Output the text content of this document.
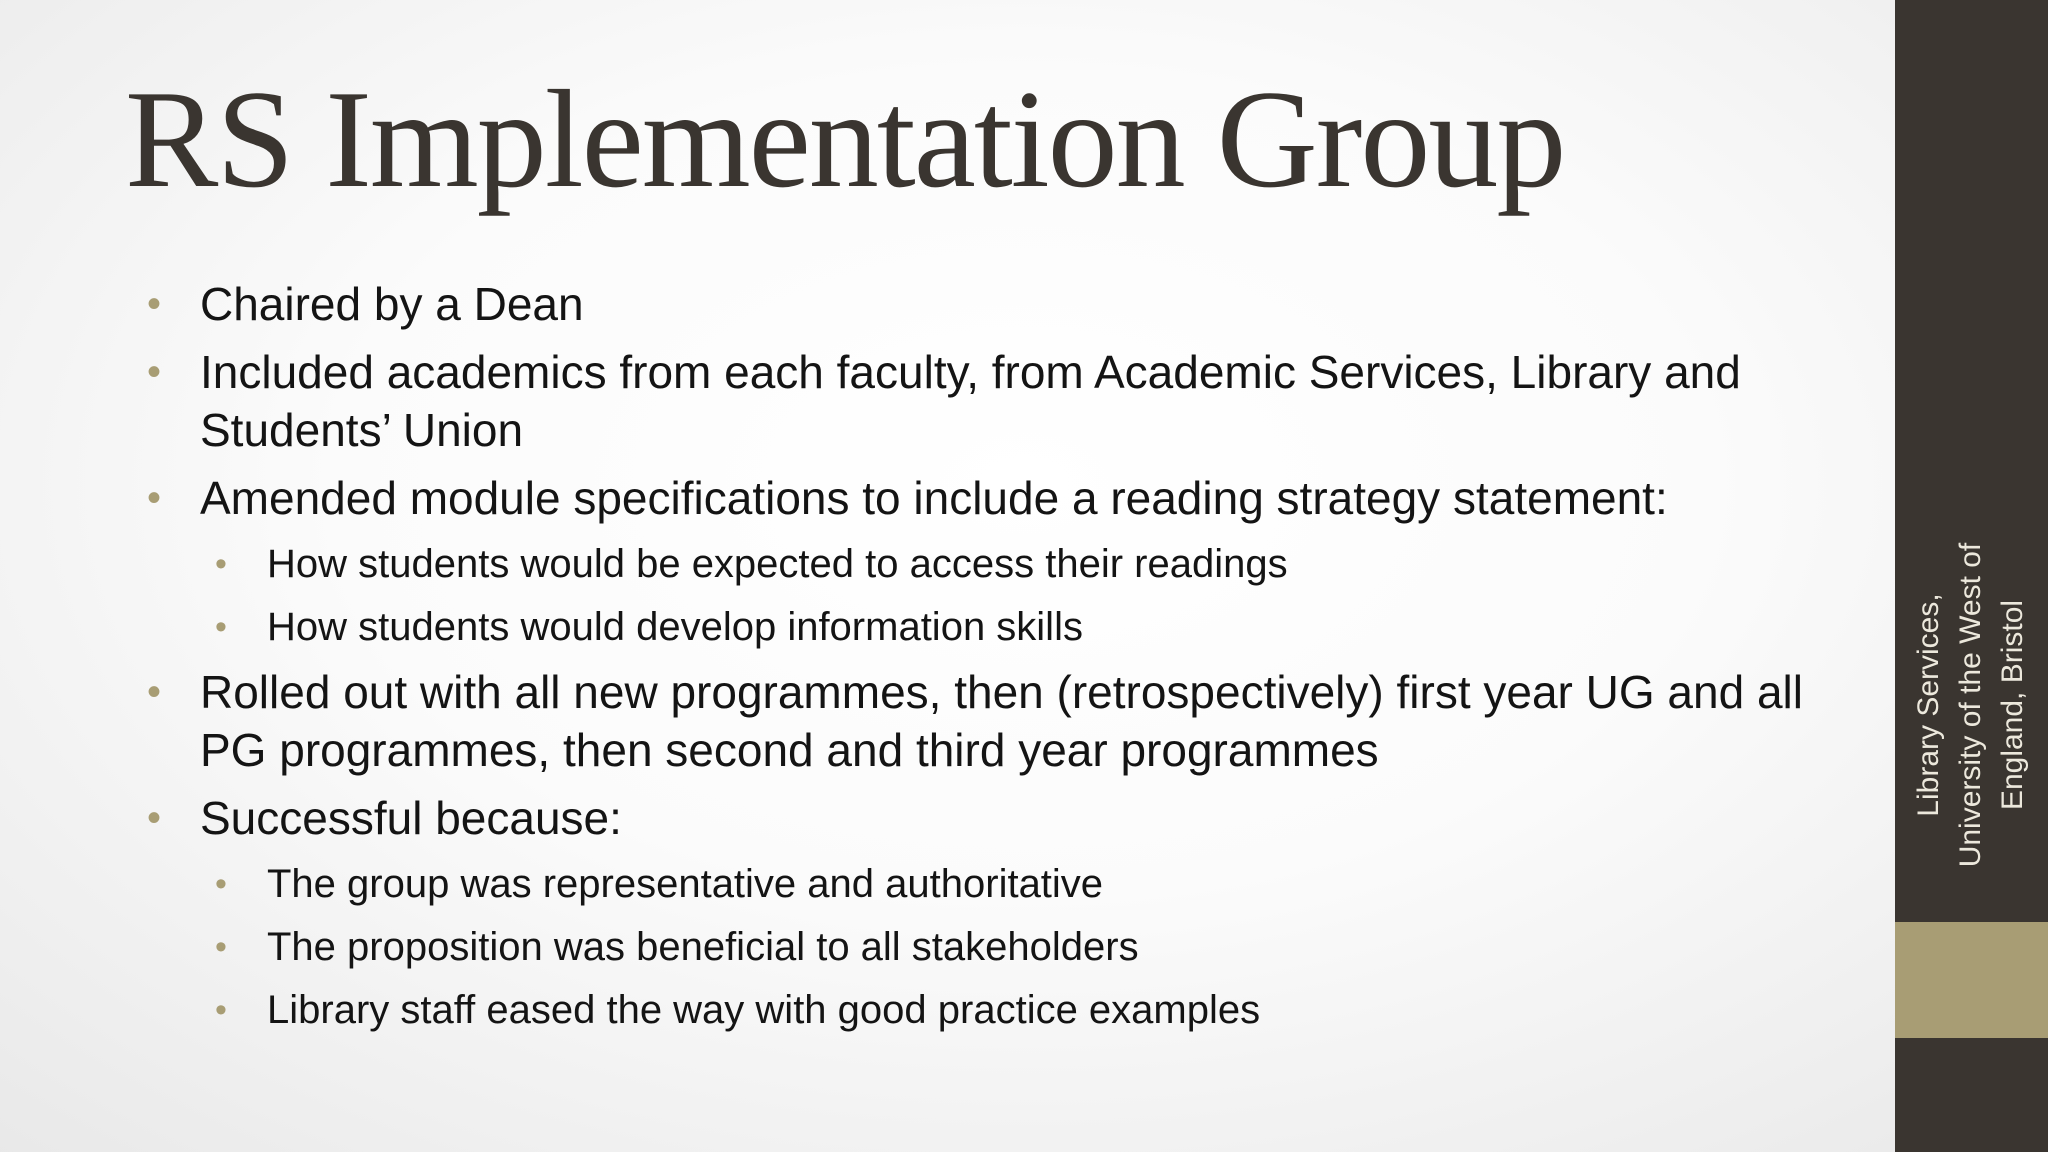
RS Implementation Group
• Chaired by a Dean
• Included academics from each faculty, from Academic Services, Library and Students’ Union
• Amended module specifications to include a reading strategy statement:
• How students would be expected to access their readings
• How students would develop information skills
• Rolled out with all new programmes, then (retrospectively) first year UG and all PG programmes, then second and third year programmes
• Successful because:
• The group was representative and authoritative
• The proposition was beneficial to all stakeholders
• Library staff eased the way with good practice examples
Library Services, University of the West of England, Bristol
